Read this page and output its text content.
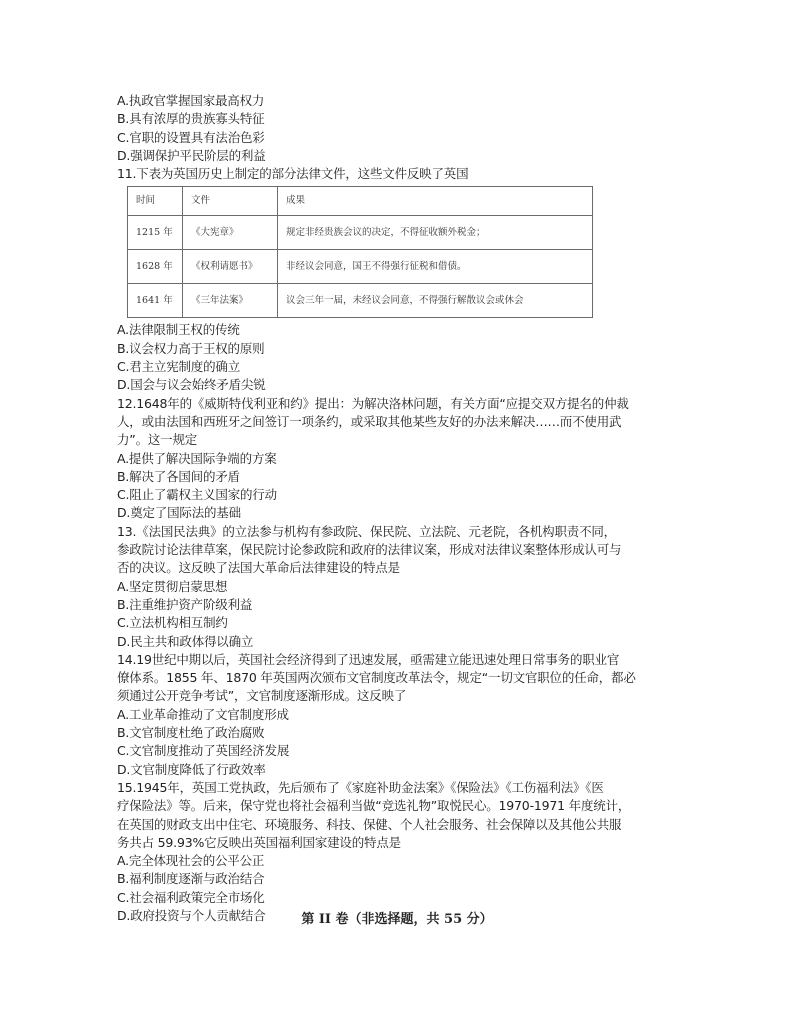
A.执政官掌握国家最高权力
B.具有浓厚的贵族寡头特征
C.官职的设置具有法治色彩
D.强调保护平民阶层的利益
11.下表为英国历史上制定的部分法律文件，这些文件反映了英国
时间	文件	成果
1215 年	《大宪章》	规定非经贵族会议的决定，不得征收额外税金；
1628 年	《权利请愿书》	非经议会同意，国王不得强行征税和借债。
1641 年	《三年法案》	议会三年一届，未经议会同意，不得强行解散议会或休会
A.法律限制王权的传统
B.议会权力高于王权的原则
C.君主立宪制度的确立
D.国会与议会始终矛盾尖锐
12.1648年的《威斯特伐利亚和约》提出：为解决洛林问题，有关方面“应提交双方提名的仲裁
人，或由法国和西班牙之间签订一项条约，或采取其他某些友好的办法来解决……而不使用武
力”。这一规定
A.提供了解决国际争端的方案
B.解决了各国间的矛盾
C.阻止了霸权主义国家的行动
D.奠定了国际法的基础
13.《法国民法典》的立法参与机构有参政院、保民院、立法院、元老院，各机构职责不同，
参政院讨论法律草案，保民院讨论参政院和政府的法律议案，形成对法律议案整体形成认可与
否的决议。这反映了法国大革命后法律建设的特点是
A.坚定贯彻启蒙思想
B.注重维护资产阶级利益
C.立法机构相互制约
D.民主共和政体得以确立
14.19世纪中期以后，英国社会经济得到了迅速发展，亟需建立能迅速处理日常事务的职业官
僚体系。1855 年、1870 年英国两次颁布文官制度改革法令，规定“一切文官职位的任命，都必
须通过公开竞争考试”，文官制度逐渐形成。这反映了
A.工业革命推动了文官制度形成
B.文官制度杜绝了政治腐败
C.文官制度推动了英国经济发展
D.文官制度降低了行政效率
15.1945年，英国工党执政，先后颁布了《家庭补助金法案》《保险法》《工伤福利法》《医
疗保险法》等。后来，保守党也将社会福利当做“竞选礼物”取悦民心。1970-1971 年度统计，
在英国的财政支出中住宅、环境服务、科技、保健、个人社会服务、社会保障以及其他公共服
务共占 59.93%它反映出英国福利国家建设的特点是
A.完全体现社会的公平公正
B.福利制度逐渐与政治结合
C.社会福利政策完全市场化
D.政府投资与个人贡献结合	第 II 卷（非选择题，共 55 分）
